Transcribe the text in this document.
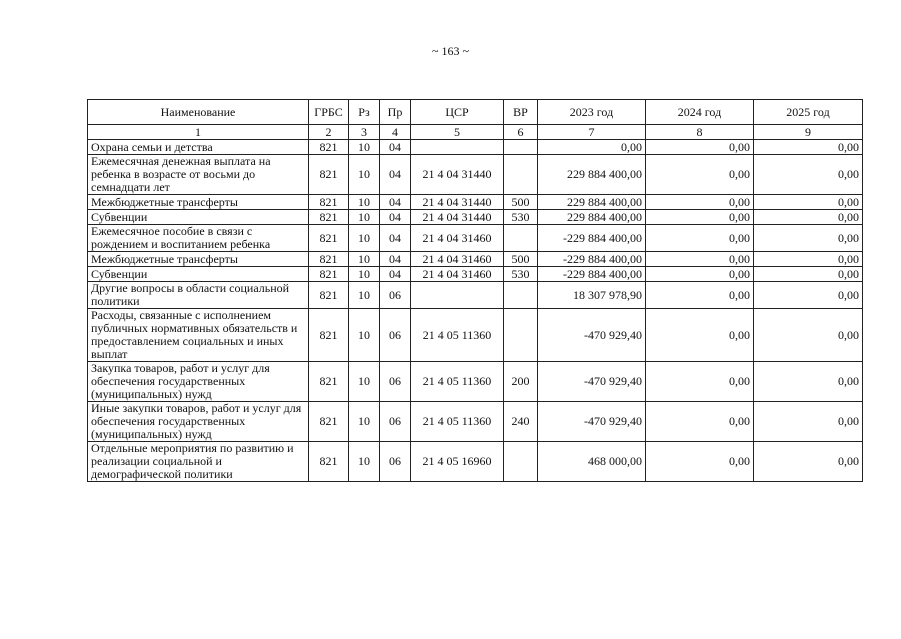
~ 163 ~
Наименование	ГРБС	Рз	Пр	ЦСР	ВР	2023 год	2024 год	2025 год
1	2	3	4	5	6	7	8	9
Охрана семьи и детства	821	10	04			0,00	0,00	0,00
Ежемесячная денежная выплата на ребенка в возрасте от восьми до семнадцати лет	821	10	04	21 4 04 31440		229 884 400,00	0,00	0,00
Межбюджетные трансферты	821	10	04	21 4 04 31440	500	229 884 400,00	0,00	0,00
Субвенции	821	10	04	21 4 04 31440	530	229 884 400,00	0,00	0,00
Ежемесячное пособие в связи с рождением и воспитанием ребенка	821	10	04	21 4 04 31460		-229 884 400,00	0,00	0,00
Межбюджетные трансферты	821	10	04	21 4 04 31460	500	-229 884 400,00	0,00	0,00
Субвенции	821	10	04	21 4 04 31460	530	-229 884 400,00	0,00	0,00
Другие вопросы в области социальной политики	821	10	06			18 307 978,90	0,00	0,00
Расходы, связанные с исполнением публичных нормативных обязательств и предоставлением социальных и иных выплат	821	10	06	21 4 05 11360		-470 929,40	0,00	0,00
Закупка товаров, работ и услуг для обеспечения государственных (муниципальных) нужд	821	10	06	21 4 05 11360	200	-470 929,40	0,00	0,00
Иные закупки товаров, работ и услуг для обеспечения государственных (муниципальных) нужд	821	10	06	21 4 05 11360	240	-470 929,40	0,00	0,00
Отдельные мероприятия по развитию и реализации социальной и демографической политики	821	10	06	21 4 05 16960		468 000,00	0,00	0,00
